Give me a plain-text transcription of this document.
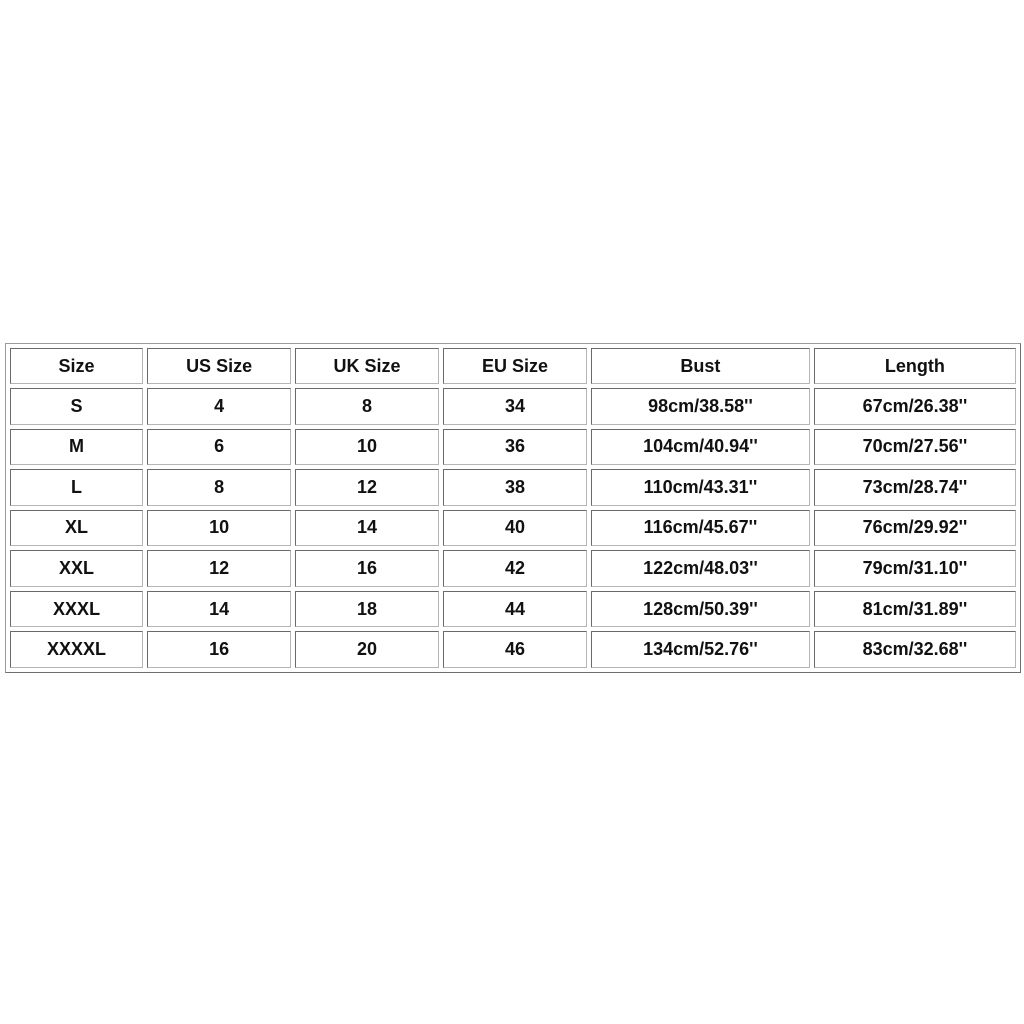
Size	US Size	UK Size	EU Size	Bust	Length
S	4	8	34	98cm/38.58''	67cm/26.38''
M	6	10	36	104cm/40.94''	70cm/27.56''
L	8	12	38	110cm/43.31''	73cm/28.74''
XL	10	14	40	116cm/45.67''	76cm/29.92''
XXL	12	16	42	122cm/48.03''	79cm/31.10''
XXXL	14	18	44	128cm/50.39''	81cm/31.89''
XXXXL	16	20	46	134cm/52.76''	83cm/32.68''
